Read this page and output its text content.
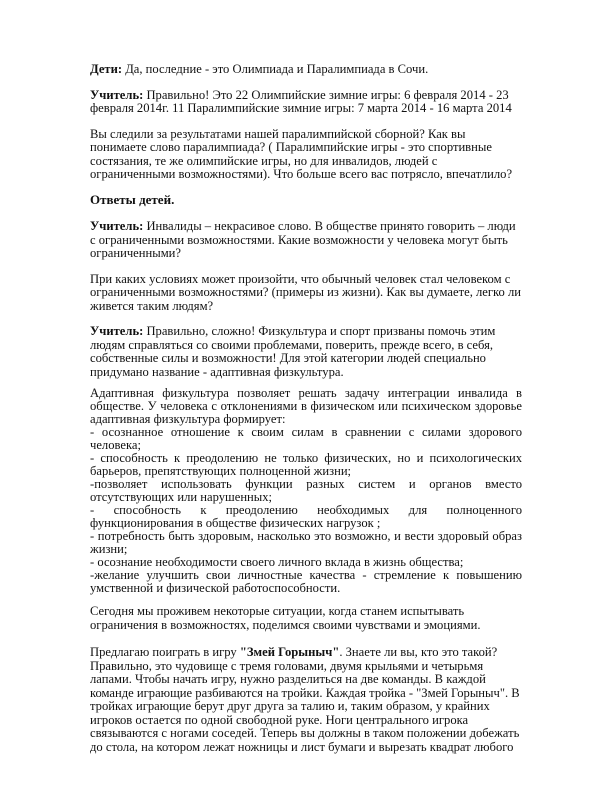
Дети: Да, последние - это Олимпиада и Паралимпиада в Сочи.

Учитель: Правильно! Это 22 Олимпийские зимние игры: 6 февраля 2014 - 23 февраля 2014г. 11 Паралимпийские зимние игры: 7 марта 2014 - 16 марта 2014

Вы следили за результатами нашей паралимпийской сборной? Как вы понимаете слово паралимпиада? ( Паралимпийские игры - это спортивные состязания, те же олимпийские игры, но для инвалидов, людей с ограниченными возможностями). Что больше всего вас потрясло, впечатлило?

Ответы детей.

Учитель: Инвалиды – некрасивое слово. В обществе принято говорить – люди с ограниченными возможностями. Какие возможности у человека могут быть ограниченными?

При каких условиях может произойти, что обычный человек стал человеком с ограниченными возможностями? (примеры из жизни). Как вы думаете, легко ли живется таким людям?

Учитель: Правильно, сложно! Физкультура и спорт призваны помочь этим людям справляться со своими проблемами, поверить, прежде всего, в себя, собственные силы и возможности! Для этой категории людей специально придумано название - адаптивная физкультура.

Адаптивная физкультура позволяет решать задачу интеграции инвалида в обществе. У человека с отклонениями в физическом или психическом здоровье адаптивная физкультура формирует:

- осознанное отношение к своим силам в сравнении с силами здорового человека;

- способность к преодолению не только физических, но и психологических барьеров, препятствующих полноценной жизни;

-позволяет использовать функции разных систем и органов вместо отсутствующих или нарушенных;

- способность к преодолению необходимых для полноценного функционирования в обществе физических нагрузок ;

- потребность быть здоровым, насколько это возможно, и вести здоровый образ жизни;

- осознание необходимости своего личного вклада в жизнь общества;

-желание улучшить свои личностные качества - стремление к повышению умственной и физической работоспособности.

Сегодня мы проживем некоторые ситуации, когда станем испытывать ограничения в возможностях, поделимся своими чувствами и эмоциями.

Предлагаю поиграть в игру "Змей Горыныч". Знаете ли вы, кто это такой? Правильно, это чудовище с тремя головами, двумя крыльями и четырьмя лапами. Чтобы начать игру, нужно разделиться на две команды. В каждой команде играющие разбиваются на тройки. Каждая тройка - "Змей Горыныч". В тройках играющие берут друг друга за талию и, таким образом, у крайних игроков остается по одной свободной руке. Ноги центрального игрока связываются с ногами соседей. Теперь вы должны в таком положении добежать до стола, на котором лежат ножницы и лист бумаги и вырезать квадрат любого
